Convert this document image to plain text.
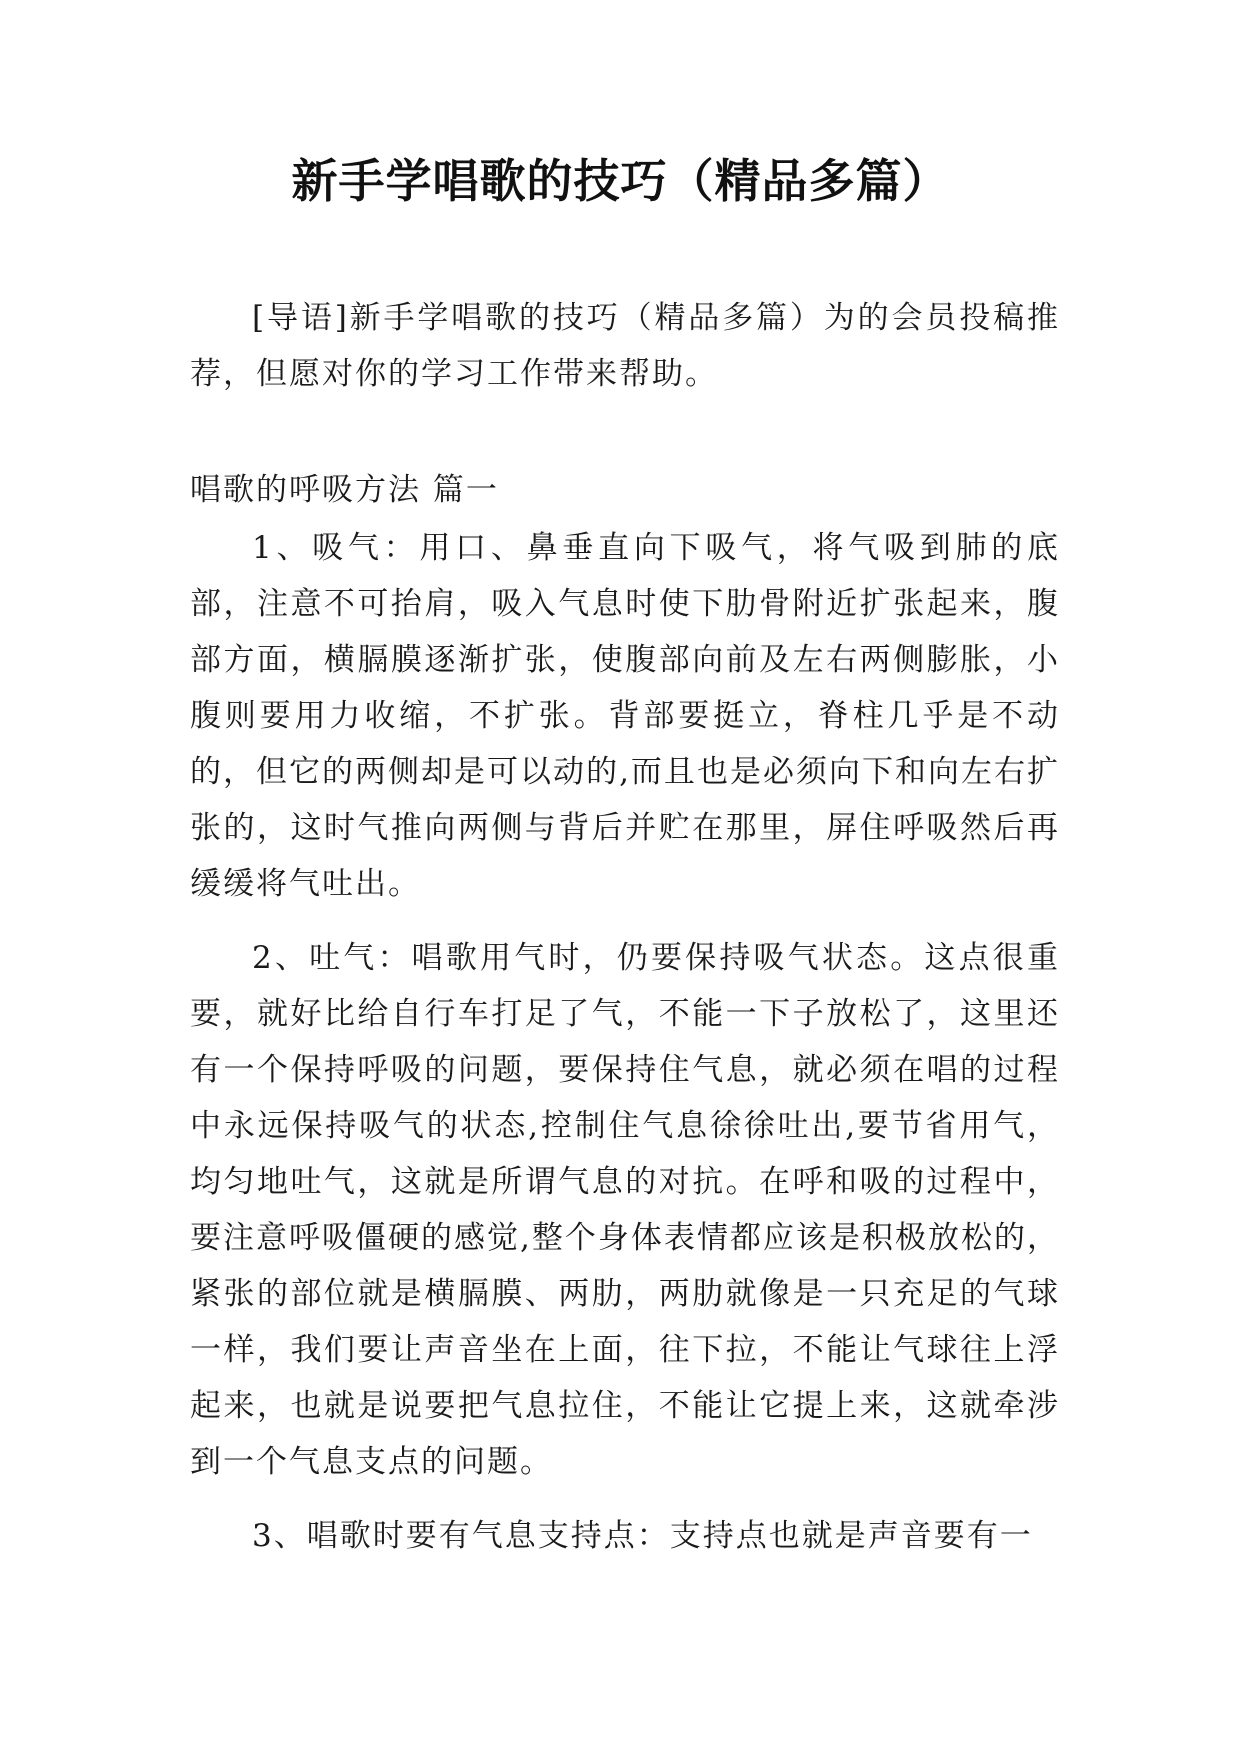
新手学唱歌的技巧（精品多篇）

[导语]新手学唱歌的技巧（精品多篇）为的会员投稿推荐，但愿对你的学习工作带来帮助。

唱歌的呼吸方法 篇一

1、吸气：用口、鼻垂直向下吸气，将气吸到肺的底部，注意不可抬肩，吸入气息时使下肋骨附近扩张起来，腹部方面，横膈膜逐渐扩张，使腹部向前及左右两侧膨胀，小腹则要用力收缩，不扩张。背部要挺立，脊柱几乎是不动的，但它的两侧却是可以动的,而且也是必须向下和向左右扩张的，这时气推向两侧与背后并贮在那里，屏住呼吸然后再缓缓将气吐出。

2、吐气：唱歌用气时，仍要保持吸气状态。这点很重要，就好比给自行车打足了气，不能一下子放松了，这里还有一个保持呼吸的问题，要保持住气息，就必须在唱的过程中永远保持吸气的状态,控制住气息徐徐吐出,要节省用气，均匀地吐气，这就是所谓气息的对抗。在呼和吸的过程中，要注意呼吸僵硬的感觉,整个身体表情都应该是积极放松的，紧张的部位就是横膈膜、两肋，两肋就像是一只充足的气球一样，我们要让声音坐在上面，往下拉，不能让气球往上浮起来，也就是说要把气息拉住，不能让它提上来，这就牵涉到一个气息支点的问题。

3、唱歌时要有气息支持点：支持点也就是声音要有一
